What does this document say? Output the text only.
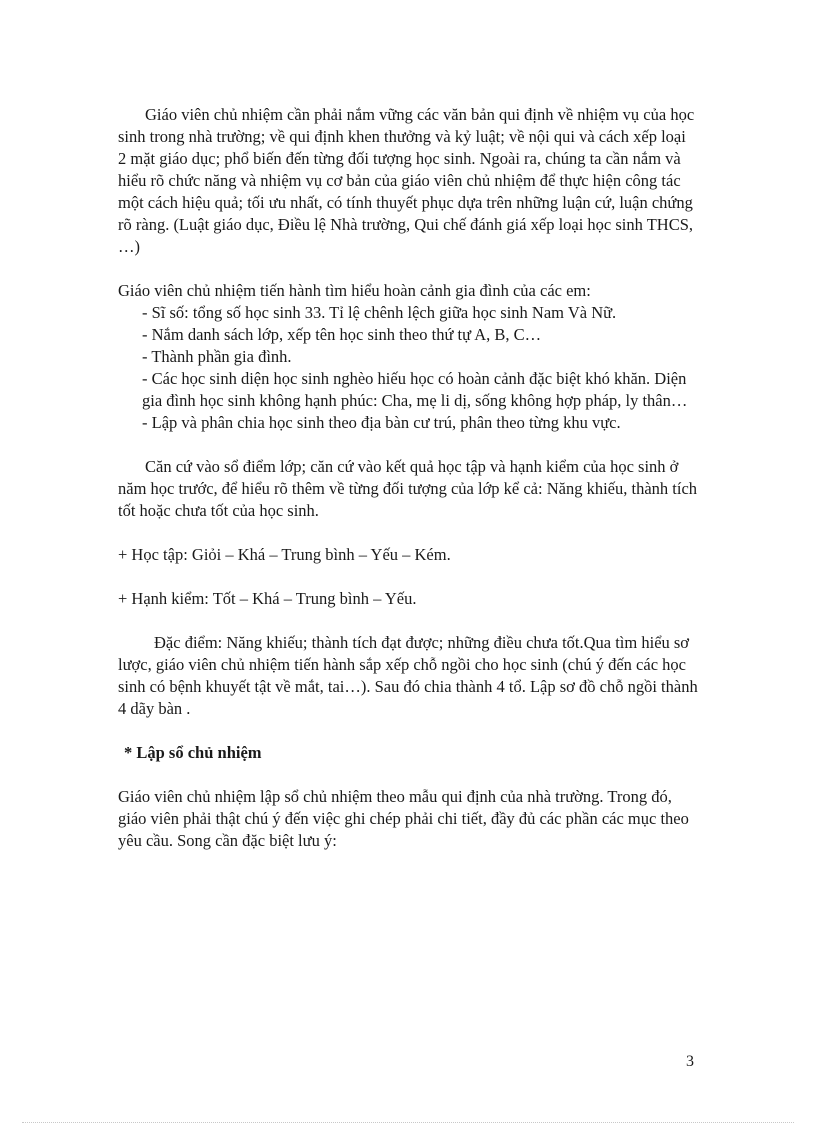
Giáo viên chủ nhiệm cần phải nắm vững các văn bản qui định về nhiệm vụ của học sinh trong nhà trường; về qui định khen thưởng và kỷ luật; về nội qui và cách xếp loại 2 mặt giáo dục; phổ biến đến từng đối tượng học sinh. Ngoài ra, chúng ta cần nắm và hiểu rõ chức năng và nhiệm vụ cơ bản của giáo viên chủ nhiệm để thực hiện công tác một cách hiệu quả; tối ưu nhất, có tính thuyết phục dựa trên những luận cứ, luận chứng rõ ràng. (Luật giáo dục, Điều lệ Nhà trường, Qui chế đánh giá xếp loại học sinh THCS, …)

Giáo viên chủ nhiệm tiến hành tìm hiểu hoàn cảnh gia đình của các em:

- Sĩ số: tổng số học sinh 33. Tỉ lệ chênh lệch giữa học sinh Nam Và Nữ.

- Nắm danh sách lớp, xếp tên học sinh theo thứ tự A, B, C…

- Thành phần gia đình.

- Các học sinh diện học sinh nghèo hiếu học có hoàn cảnh đặc biệt khó khăn. Diện gia đình học sinh không hạnh phúc: Cha, mẹ li dị, sống không hợp pháp, ly thân…

- Lập và phân chia học sinh theo địa bàn cư trú, phân theo từng khu vực.

Căn cứ vào sổ điểm lớp; căn cứ vào kết quả học tập và hạnh kiểm của học sinh ở năm học trước, để hiểu rõ thêm về từng đối tượng của lớp kể cả: Năng khiếu, thành tích tốt hoặc chưa tốt của học sinh.

+ Học tập: Giỏi – Khá – Trung bình – Yếu – Kém.

+ Hạnh kiểm: Tốt – Khá – Trung bình – Yếu.

Đặc điểm: Năng khiếu; thành tích đạt được; những điều chưa tốt.Qua tìm hiểu sơ lược, giáo viên chủ nhiệm tiến hành sắp xếp chỗ ngồi cho học sinh (chú ý đến các học sinh có bệnh khuyết tật về mắt, tai…). Sau đó chia thành 4 tổ. Lập sơ đồ chỗ ngồi thành 4 dãy bàn .

* Lập sổ chủ nhiệm

Giáo viên chủ nhiệm lập sổ chủ nhiệm theo mẫu qui định của nhà trường. Trong đó, giáo viên phải thật chú ý đến việc ghi chép phải chi tiết, đầy đủ các phần các mục theo yêu cầu. Song cần đặc biệt lưu ý:

3
